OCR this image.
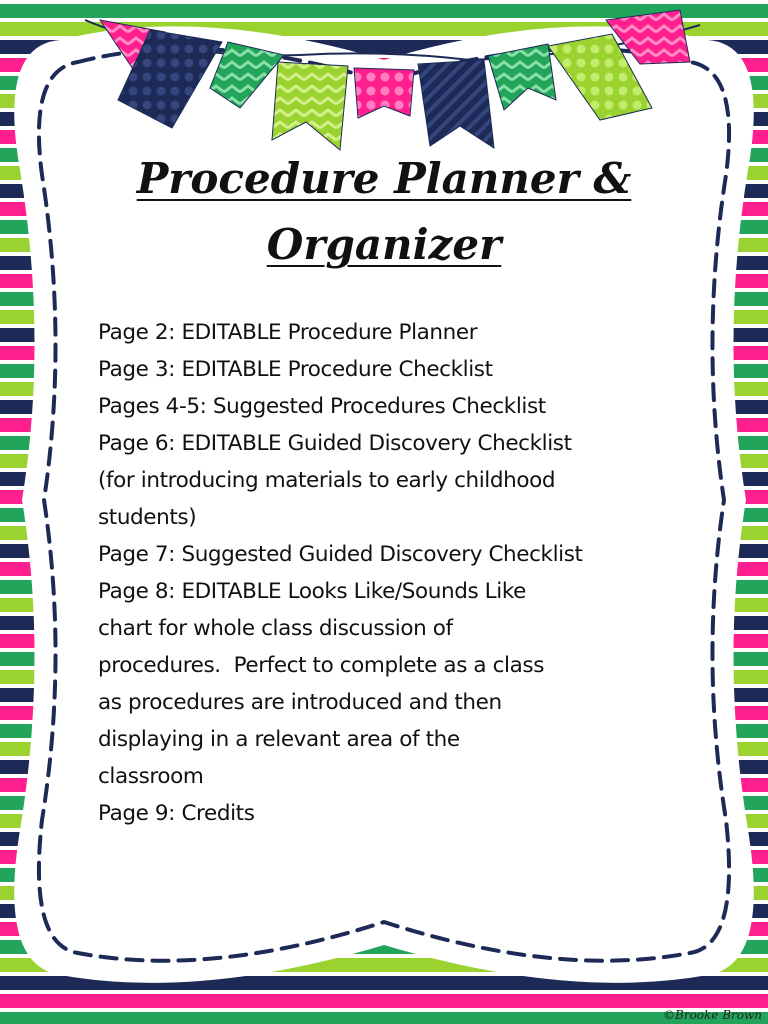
Procedure Planner &
Organizer
Page 2: EDITABLE Procedure Planner
Page 3: EDITABLE Procedure Checklist
Pages 4-5: Suggested Procedures Checklist
Page 6: EDITABLE Guided Discovery Checklist
(for introducing materials to early childhood
students)
Page 7: Suggested Guided Discovery Checklist
Page 8: EDITABLE Looks Like/Sounds Like
chart for whole class discussion of
procedures.  Perfect to complete as a class
as procedures are introduced and then
displaying in a relevant area of the
classroom
Page 9: Credits
©Brooke Brown
